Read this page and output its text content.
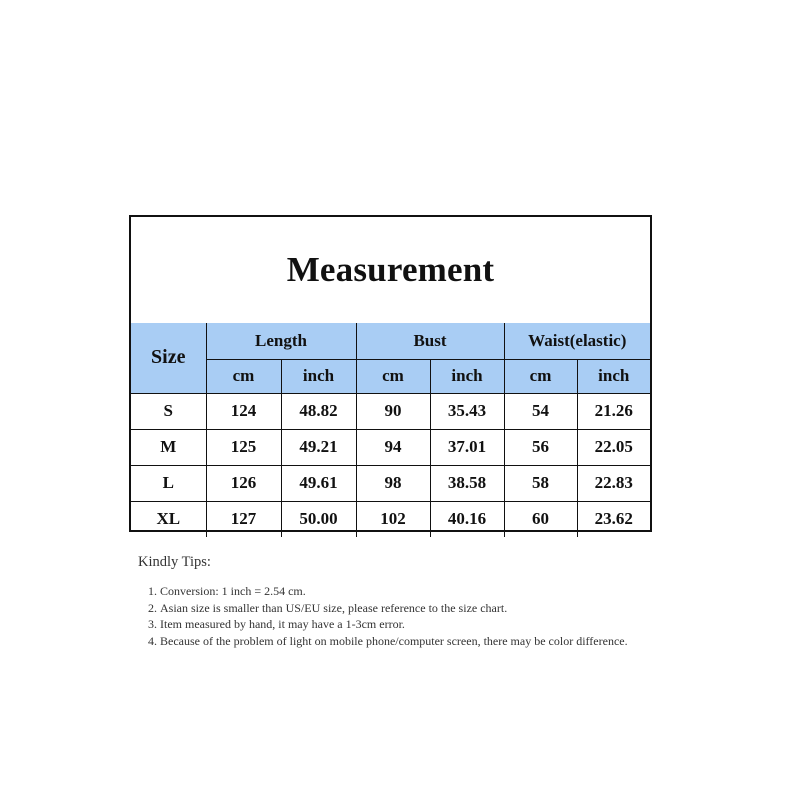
Measurement
Size	Length		Bust		Waist(elastic)	
	cm	inch	cm	inch	cm	inch
S	124	48.82	90	35.43	54	21.26
M	125	49.21	94	37.01	56	22.05
L	126	49.61	98	38.58	58	22.83
XL	127	50.00	102	40.16	60	23.62
Kindly Tips:
1. Conversion: 1 inch = 2.54 cm.
2. Asian size is smaller than US/EU size, please reference to the size chart.
3. Item measured by hand, it may have a 1-3cm error.
4. Because of the problem of light on mobile phone/computer screen, there may be color difference.
